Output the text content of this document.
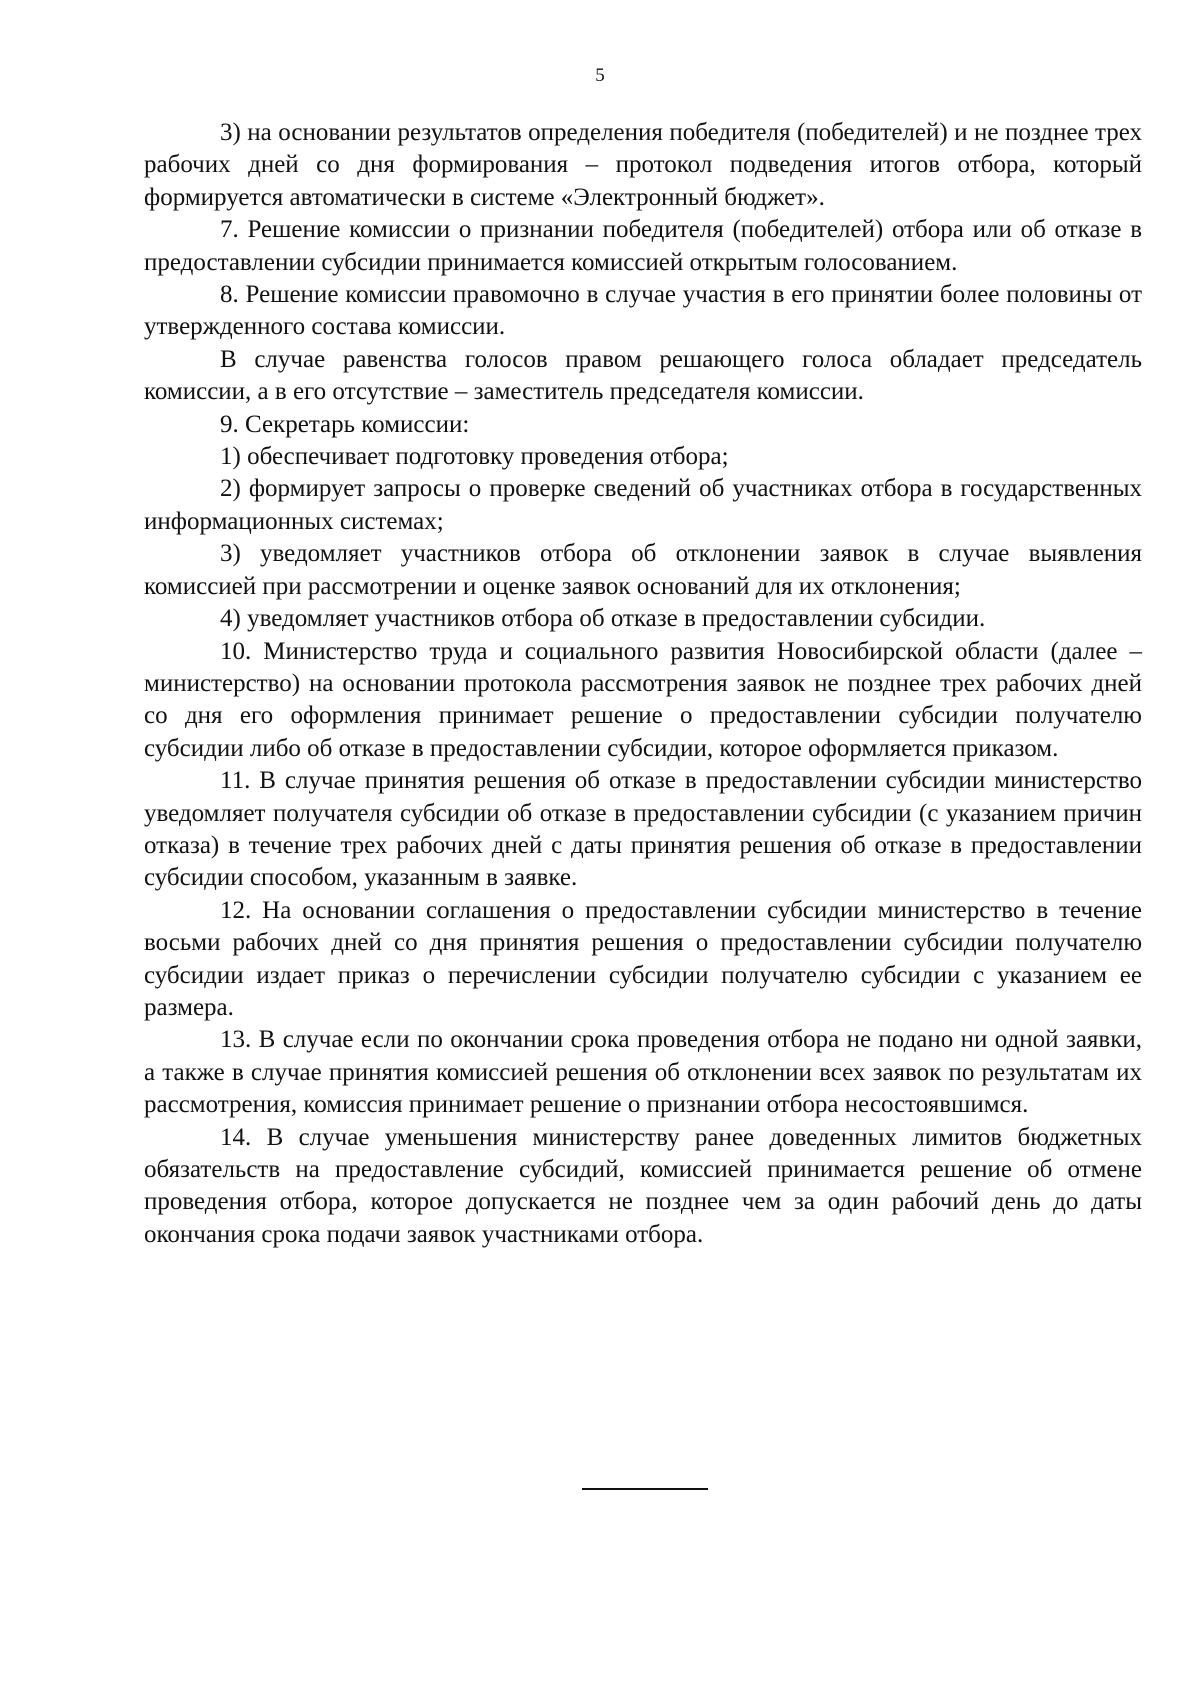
5

3) на основании результатов определения победителя (победителей) и не позднее трех рабочих дней со дня формирования – протокол подведения итогов отбора, который формируется автоматически в системе «Электронный бюджет».

7. Решение комиссии о признании победителя (победителей) отбора или об отказе в предоставлении субсидии принимается комиссией открытым голосованием.

8. Решение комиссии правомочно в случае участия в его принятии более половины от утвержденного состава комиссии.

В случае равенства голосов правом решающего голоса обладает председатель комиссии, а в его отсутствие – заместитель председателя комиссии.

9. Секретарь комиссии:

1) обеспечивает подготовку проведения отбора;

2) формирует запросы о проверке сведений об участниках отбора в государственных информационных системах;

3) уведомляет участников отбора об отклонении заявок в случае выявления комиссией при рассмотрении и оценке заявок оснований для их отклонения;

4) уведомляет участников отбора об отказе в предоставлении субсидии.

10. Министерство труда и социального развития Новосибирской области (далее – министерство) на основании протокола рассмотрения заявок не позднее трех рабочих дней со дня его оформления принимает решение о предоставлении субсидии получателю субсидии либо об отказе в предоставлении субсидии, которое оформляется приказом.

11. В случае принятия решения об отказе в предоставлении субсидии министерство уведомляет получателя субсидии об отказе в предоставлении субсидии (с указанием причин отказа) в течение трех рабочих дней с даты принятия решения об отказе в предоставлении субсидии способом, указанным в заявке.

12. На основании соглашения о предоставлении субсидии министерство в течение восьми рабочих дней со дня принятия решения о предоставлении субсидии получателю субсидии издает приказ о перечислении субсидии получателю субсидии с указанием ее размера.

13. В случае если по окончании срока проведения отбора не подано ни одной заявки, а также в случае принятия комиссией решения об отклонении всех заявок по результатам их рассмотрения, комиссия принимает решение о признании отбора несостоявшимся.

14. В случае уменьшения министерству ранее доведенных лимитов бюджетных обязательств на предоставление субсидий, комиссией принимается решение об отмене проведения отбора, которое допускается не позднее чем за один рабочий день до даты окончания срока подачи заявок участниками отбора.
